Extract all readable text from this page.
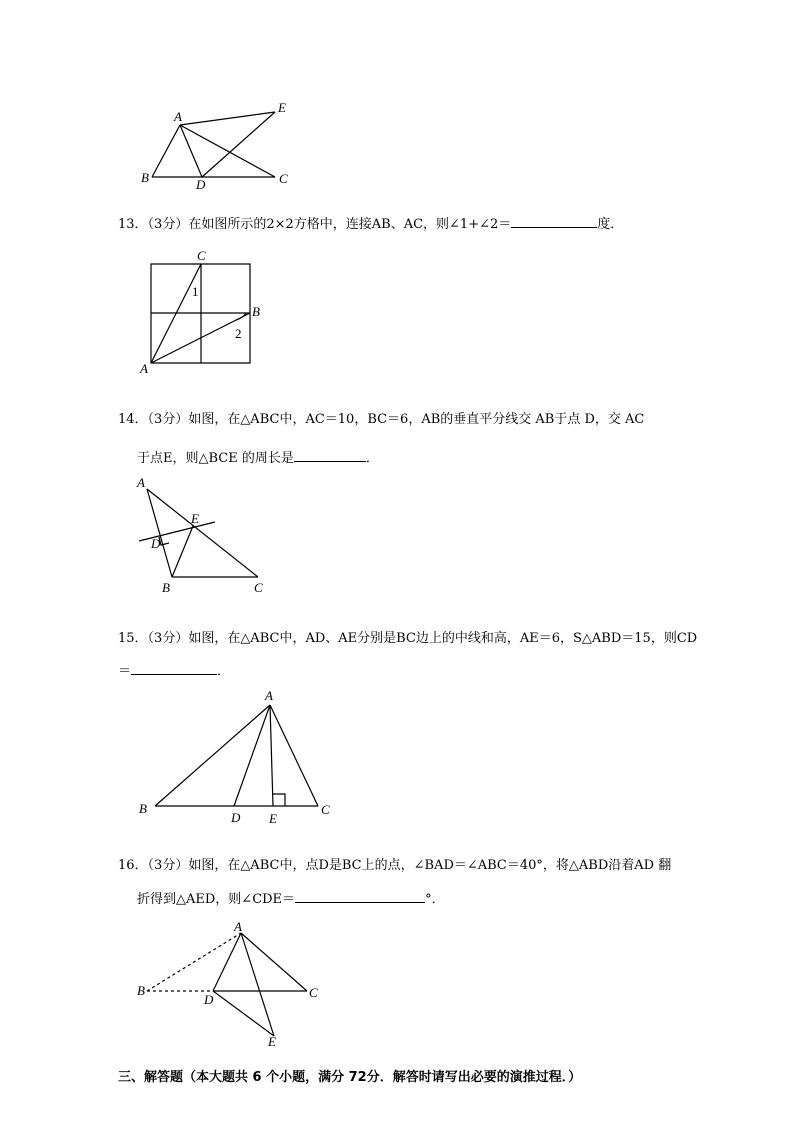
A
E
B	D	C
13．（3分）在如图所示的2×2方格中，连接AB、AC，则∠1+∠2＝	度．
C
B
A
1
2
14．（3分）如图，在△ABC中，AC＝10，BC＝6，AB的垂直平分线交 AB于点 D，交 AC
于点E，则△BCE 的周长是	．
A
E
D
B	C
15．（3分）如图，在△ABC中，AD、AE分别是BC边上的中线和高，AE＝6，S△ABD＝15，则CD
＝	．
A
B
D E
C
16．（3分）如图，在△ABC中，点D是BC上的点，∠BAD＝∠ABC＝40°，将△ABD沿着AD 翻
折得到△AED，则∠CDE＝	°．
A
B
D	C
E
三、解答题（本大题共 6 个小题，满分 72分．解答时请写出必要的演推过程．）
